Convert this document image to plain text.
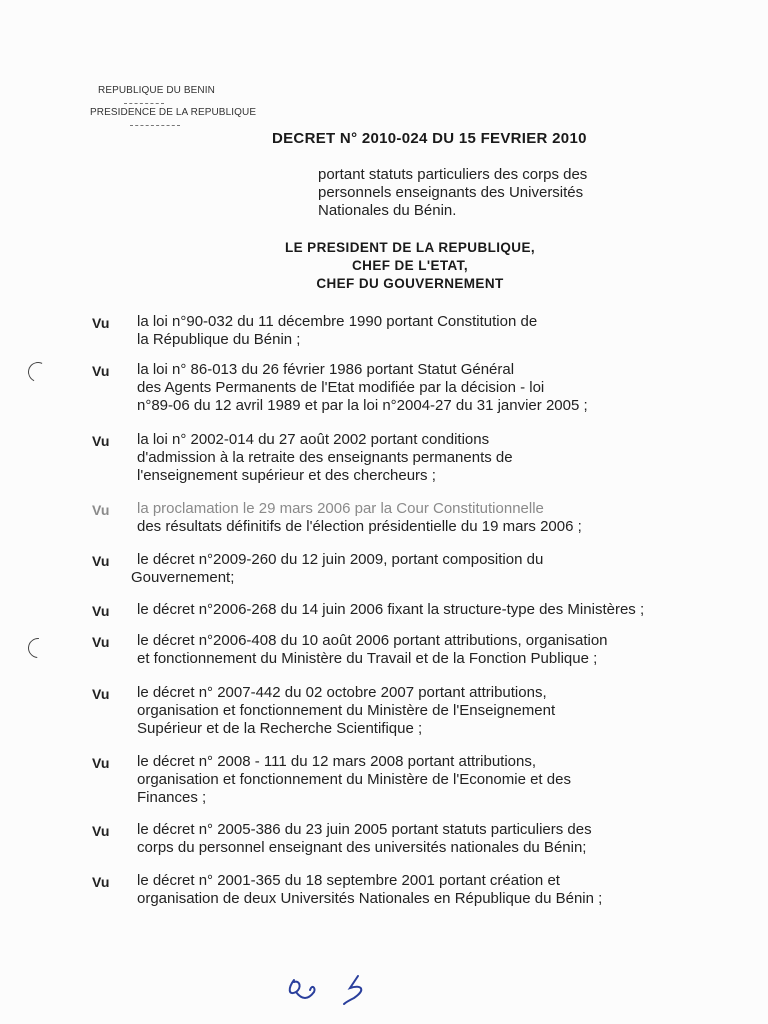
REPUBLIQUE DU BENIN
PRESIDENCE DE LA REPUBLIQUE
DECRET N° 2010-024 DU 15 FEVRIER 2010
portant statuts particuliers des corps des
personnels enseignants des Universités
Nationales du Bénin.
LE PRESIDENT DE LA REPUBLIQUE,
CHEF DE L'ETAT,
CHEF DU GOUVERNEMENT
Vu la loi n°90-032 du 11 décembre 1990 portant Constitution de
la République du Bénin ;
Vu la loi n° 86-013 du 26 février 1986 portant Statut Général
des Agents Permanents de l'Etat modifiée par la décision - loi
n°89-06 du 12 avril 1989 et par la loi n°2004-27 du 31 janvier 2005 ;
Vu la loi n° 2002-014 du 27 août 2002 portant conditions
d'admission à la retraite des enseignants permanents de
l'enseignement supérieur et des chercheurs ;
Vu la proclamation le 29 mars 2006 par la Cour Constitutionnelle
des résultats définitifs de l'élection présidentielle du 19 mars 2006 ;
Vu le décret n°2009-260 du 12 juin 2009, portant composition du
Gouvernement;
Vu le décret n°2006-268 du 14 juin 2006 fixant la structure-type des Ministères ;
Vu le décret n°2006-408 du 10 août 2006 portant attributions, organisation
et fonctionnement du Ministère du Travail et de la Fonction Publique ;
Vu le décret n° 2007-442 du 02 octobre 2007 portant attributions,
organisation et fonctionnement du Ministère de l'Enseignement
Supérieur et de la Recherche Scientifique ;
Vu le décret n° 2008 - 111 du 12 mars 2008 portant attributions,
organisation et fonctionnement du Ministère de l'Economie et des
Finances ;
Vu le décret n° 2005-386 du 23 juin 2005 portant statuts particuliers des
corps du personnel enseignant des universités nationales du Bénin;
Vu le décret n° 2001-365 du 18 septembre 2001 portant création et
organisation de deux Universités Nationales en République du Bénin ;
